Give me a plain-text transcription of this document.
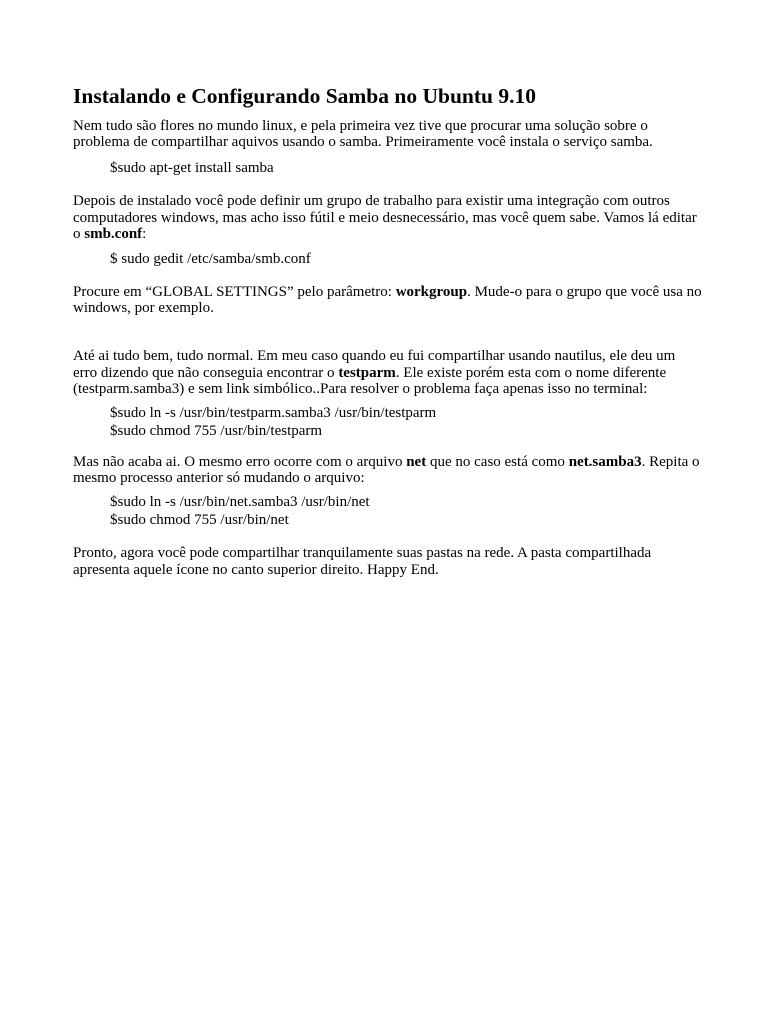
Instalando e Configurando Samba no Ubuntu 9.10

Nem tudo são flores no mundo linux, e pela primeira vez tive que procurar uma solução sobre o problema de compartilhar aquivos usando o samba. Primeiramente você instala o serviço samba.

$sudo apt-get install samba

Depois de instalado você pode definir um grupo de trabalho para existir uma integração com outros computadores windows, mas acho isso fútil e meio desnecessário, mas você quem sabe. Vamos lá editar o smb.conf:

$ sudo gedit /etc/samba/smb.conf

Procure em “GLOBAL SETTINGS” pelo parâmetro: workgroup. Mude-o para o grupo que você usa no windows, por exemplo.

Até ai tudo bem, tudo normal. Em meu caso quando eu fui compartilhar usando nautilus, ele deu um erro dizendo que não conseguia encontrar o testparm. Ele existe porém esta com o nome diferente (testparm.samba3) e sem link simbólico..Para resolver o problema faça apenas isso no terminal:

$sudo ln -s /usr/bin/testparm.samba3 /usr/bin/testparm
$sudo chmod 755 /usr/bin/testparm

Mas não acaba ai. O mesmo erro ocorre com o arquivo net que no caso está como net.samba3. Repita o mesmo processo anterior só mudando o arquivo:

$sudo ln -s /usr/bin/net.samba3 /usr/bin/net
$sudo chmod 755 /usr/bin/net

Pronto, agora você pode compartilhar tranquilamente suas pastas na rede. A pasta compartilhada apresenta aquele ícone no canto superior direito. Happy End.
